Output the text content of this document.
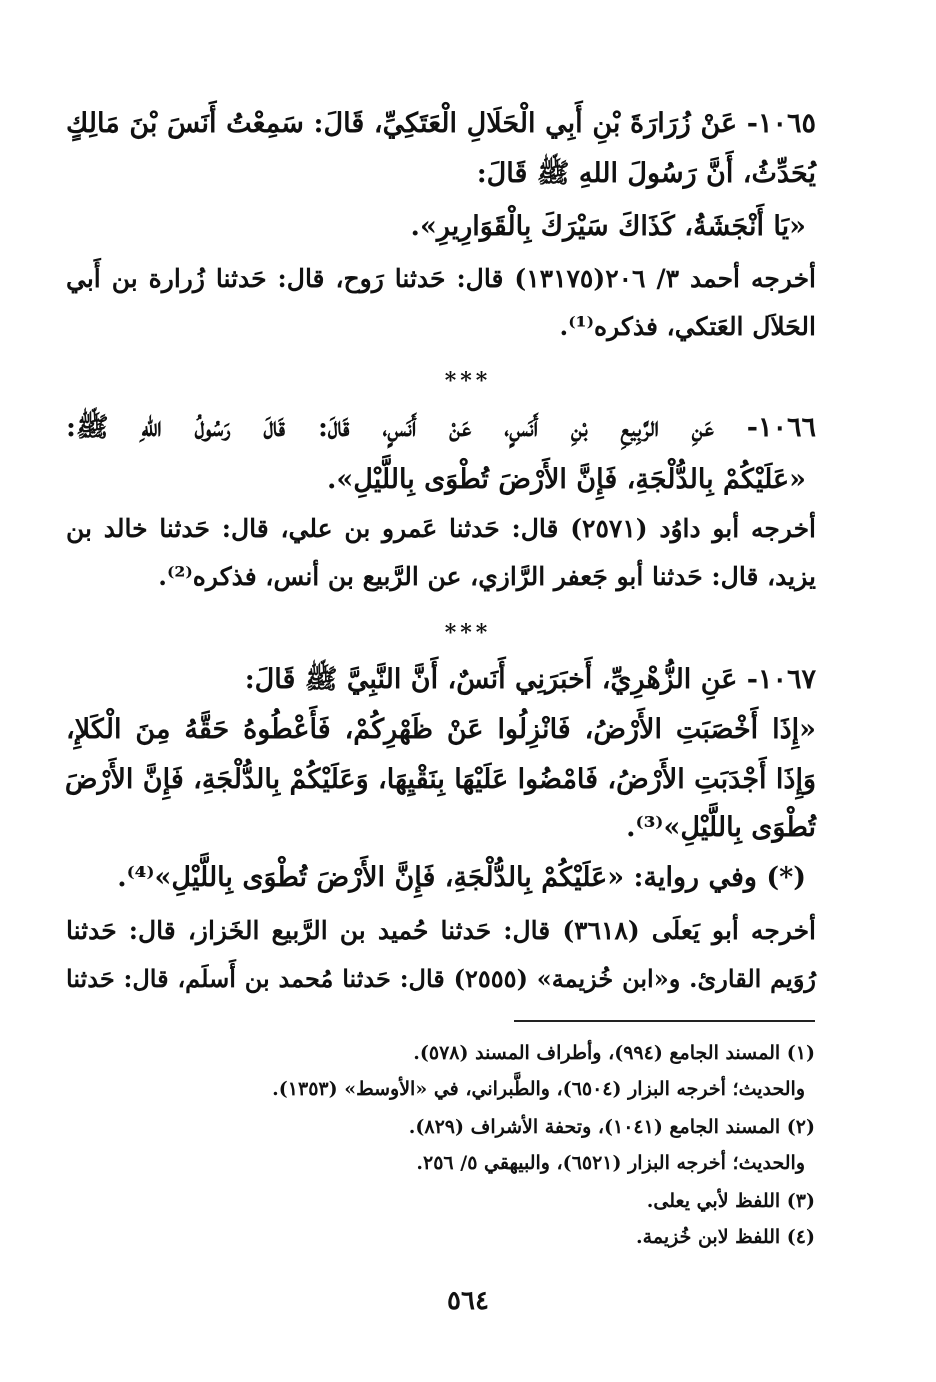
١٠٦٥- عَنْ زُرَارَةَ بْنِ أَبِي الْحَلَالِ الْعَتَكِيِّ، قَالَ: سَمِعْتُ أَنَسَ بْنَ مَالِكٍ
يُحَدِّثُ، أَنَّ رَسُولَ اللهِ ﷺ قَالَ:
«يَا أَنْجَشَةُ، كَذَاكَ سَيْرَكَ بِالْقَوَارِيرِ».
أخرجه أحمد ٣/ ٢٠٦(١٣١٧٥) قال: حَدثنا رَوح، قال: حَدثنا زُرارة بن أَبي
الحَلاَل العَتكي، فذكره⁽¹⁾.
***
١٠٦٦- عَنِ الرَّبِيعِ بْنِ أَنَسٍ، عَنْ أَنَسٍ، قَالَ: قَالَ رَسُولُ اللهِ ﷺ:
«عَلَيْكُمْ بِالدُّلْجَةِ، فَإِنَّ الأَرْضَ تُطْوَى بِاللَّيْلِ».
أخرجه أبو داوُد (٢٥٧١) قال: حَدثنا عَمرو بن علي، قال: حَدثنا خالد بن
يزيد، قال: حَدثنا أبو جَعفر الرَّازي، عن الرَّبيع بن أنس، فذكره⁽²⁾.
***
١٠٦٧- عَنِ الزُّهْرِيِّ، أَخبَرَنِي أَنَسٌ، أَنَّ النَّبِيَّ ﷺ قَالَ:
«إِذَا أَخْصَبَتِ الأَرْضُ، فَانْزِلُوا عَنْ ظَهْرِكُمْ، فَأَعْطُوهُ حَقَّهُ مِنَ الْكَلإِ،
وَإِذَا أَجْدَبَتِ الأَرْضُ، فَامْضُوا عَلَيْهَا بِنَقْيِهَا، وَعَلَيْكُمْ بِالدُّلْجَةِ، فَإِنَّ الأَرْضَ
تُطْوَى بِاللَّيْلِ»⁽³⁾.
(*) وفي رواية: «عَلَيْكُمْ بِالدُّلْجَةِ، فَإِنَّ الأَرْضَ تُطْوَى بِاللَّيْلِ»⁽⁴⁾.
أخرجه أبو يَعلَى (٣٦١٨) قال: حَدثنا حُميد بن الرَّبيع الخَزاز، قال: حَدثنا
رُوَيم القارئ. و«ابن خُزيمة» (٢٥٥٥) قال: حَدثنا مُحمد بن أَسلَم، قال: حَدثنا
(١) المسند الجامع (٩٩٤)، وأطراف المسند (٥٧٨).
والحديث؛ أخرجه البزار (٦٥٠٤)، والطَّبراني، في «الأوسط» (١٣٥٣).
(٢) المسند الجامع (١٠٤١)، وتحفة الأشراف (٨٢٩).
والحديث؛ أخرجه البزار (٦٥٢١)، والبيهقي ٥/ ٢٥٦.
(٣) اللفظ لأبي يعلى.
(٤) اللفظ لابن خُزيمة.
٥٦٤
